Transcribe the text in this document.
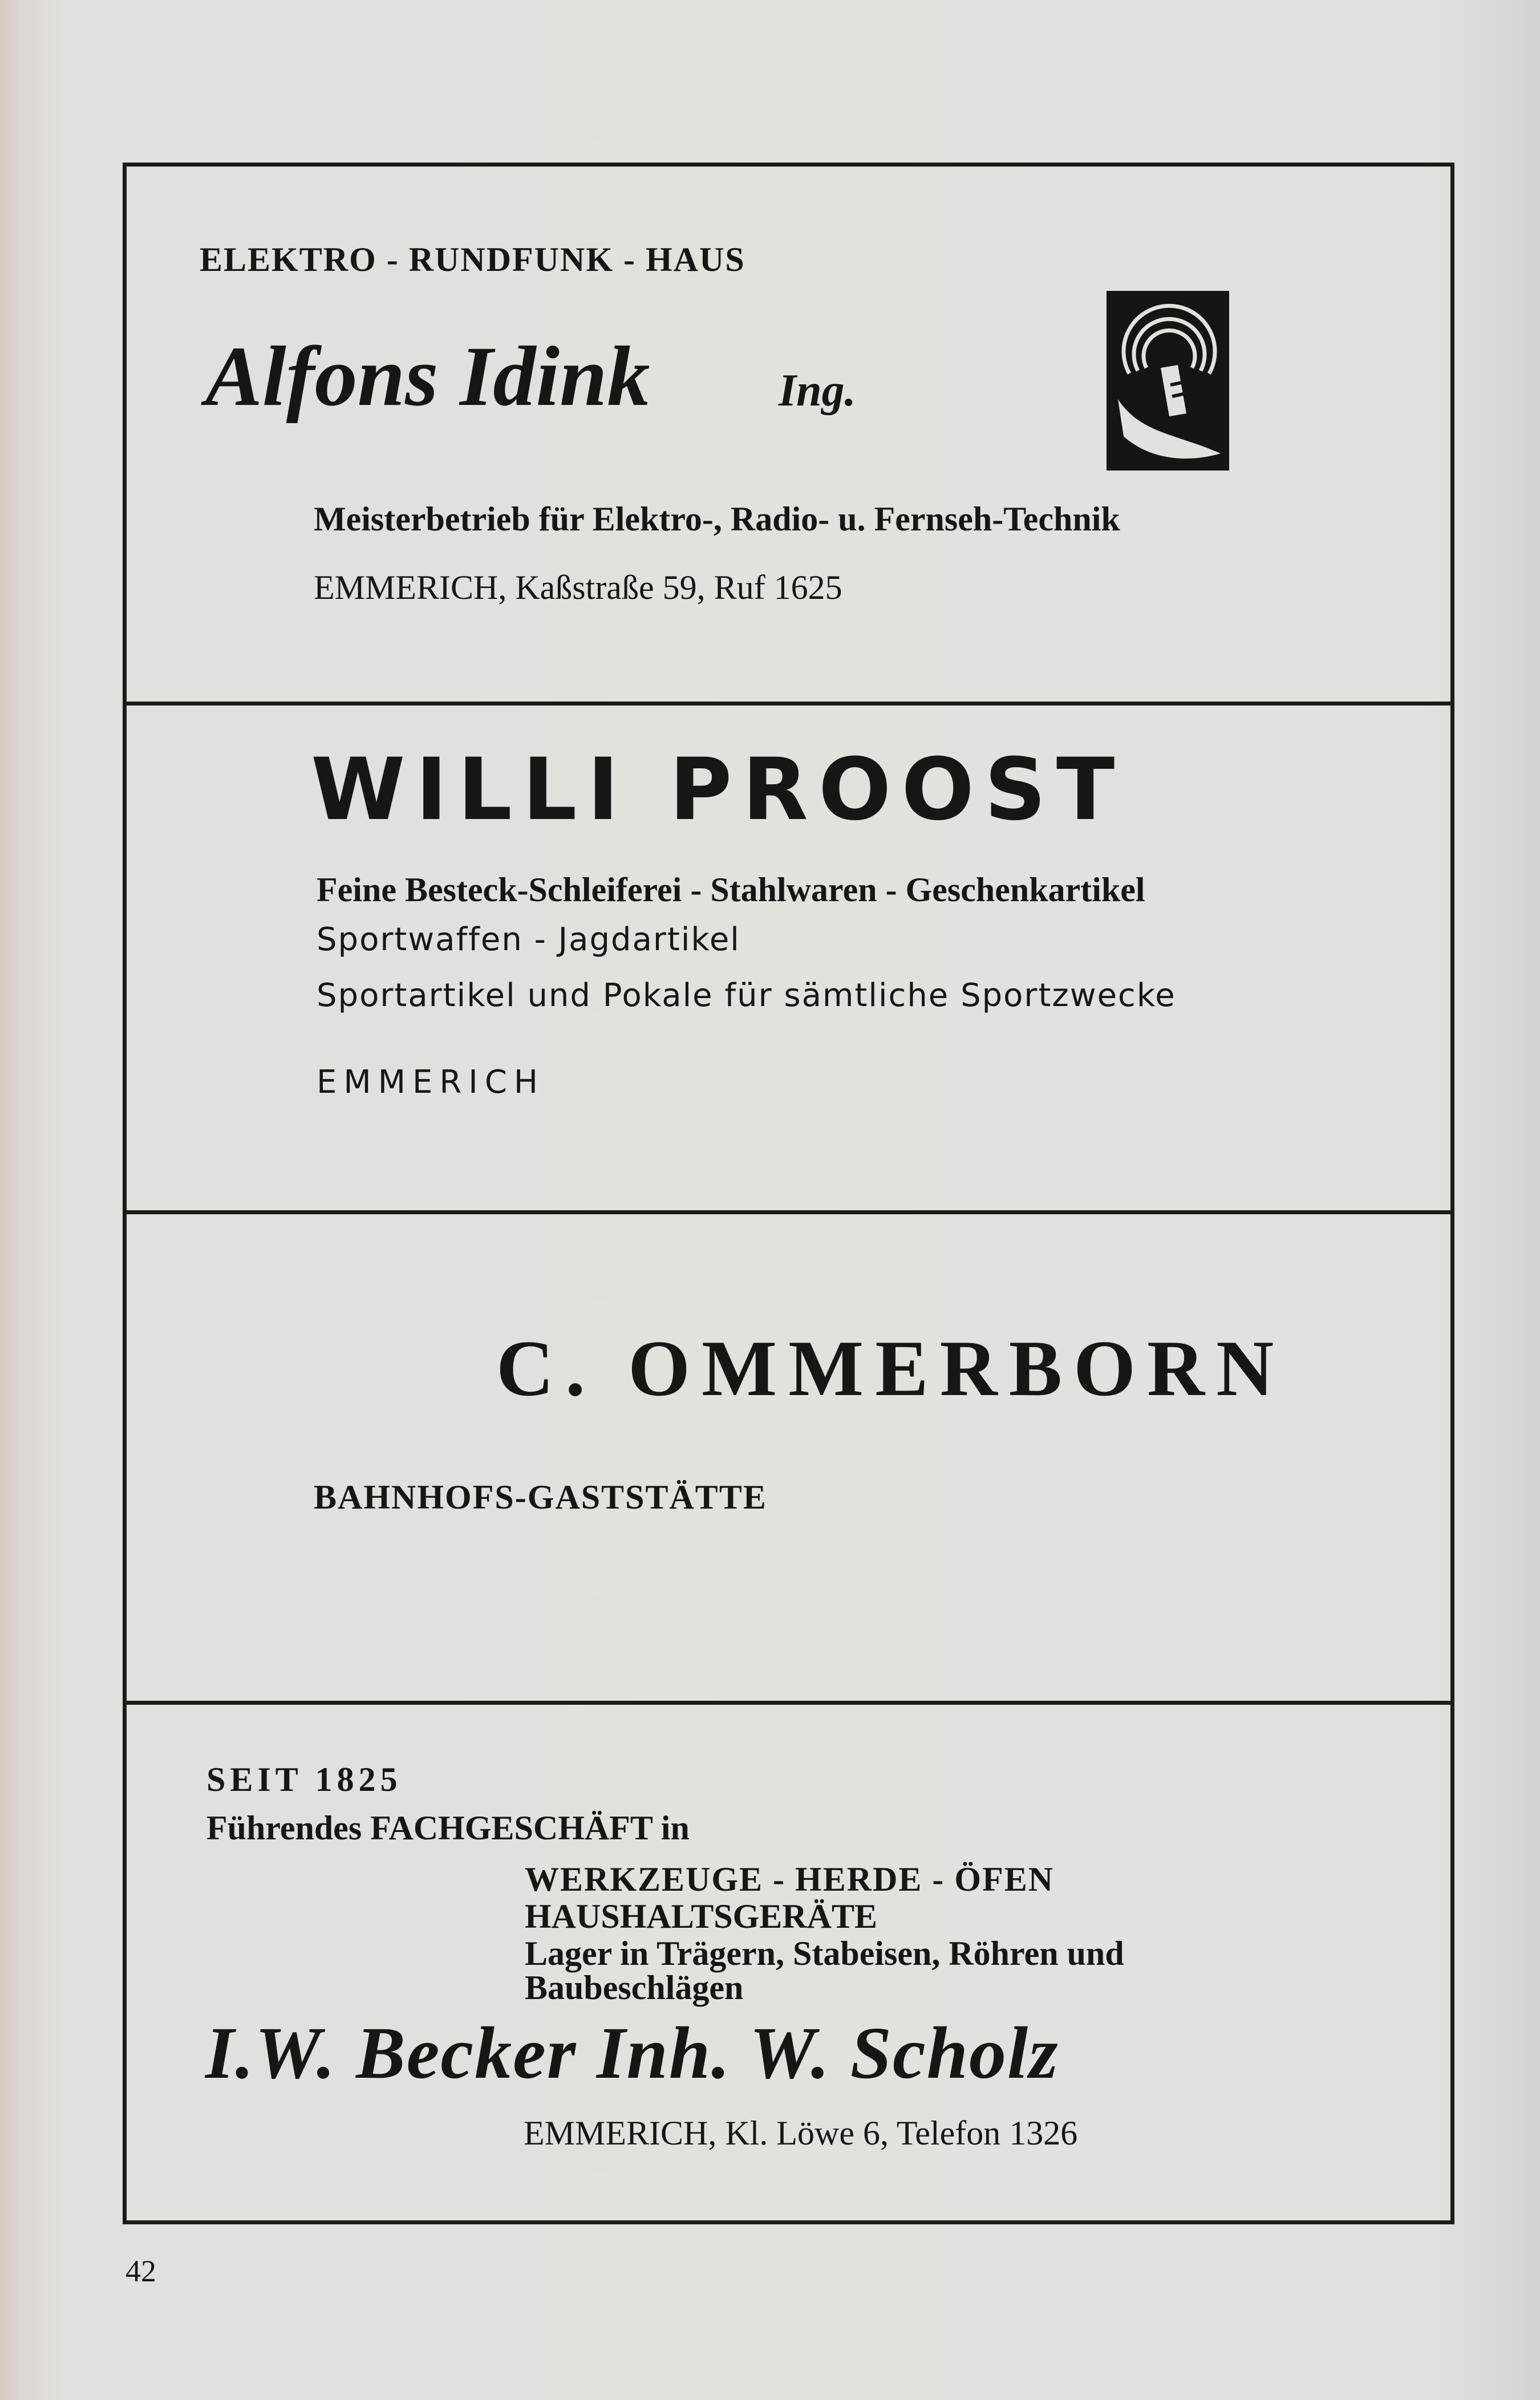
ELEKTRO - RUNDFUNK - HAUS
Alfons Idink	Ing.
Meisterbetrieb für Elektro-, Radio- u. Fernseh-Technik
EMMERICH, Kaßstraße 59, Ruf 1625
WILLI PROOST
Feine Besteck-Schleiferei - Stahlwaren - Geschenkartikel
Sportwaffen - Jagdartikel
Sportartikel und Pokale für sämtliche Sportzwecke
EMMERICH
C. OMMERBORN
BAHNHOFS-GASTSTÄTTE
SEIT 1825
Führendes FACHGESCHÄFT in
WERKZEUGE - HERDE - ÖFEN
HAUSHALTSGERÄTE
Lager in Trägern, Stabeisen, Röhren und
Baubeschlägen
I.W. Becker Inh. W. Scholz
EMMERICH, Kl. Löwe 6, Telefon 1326
42
